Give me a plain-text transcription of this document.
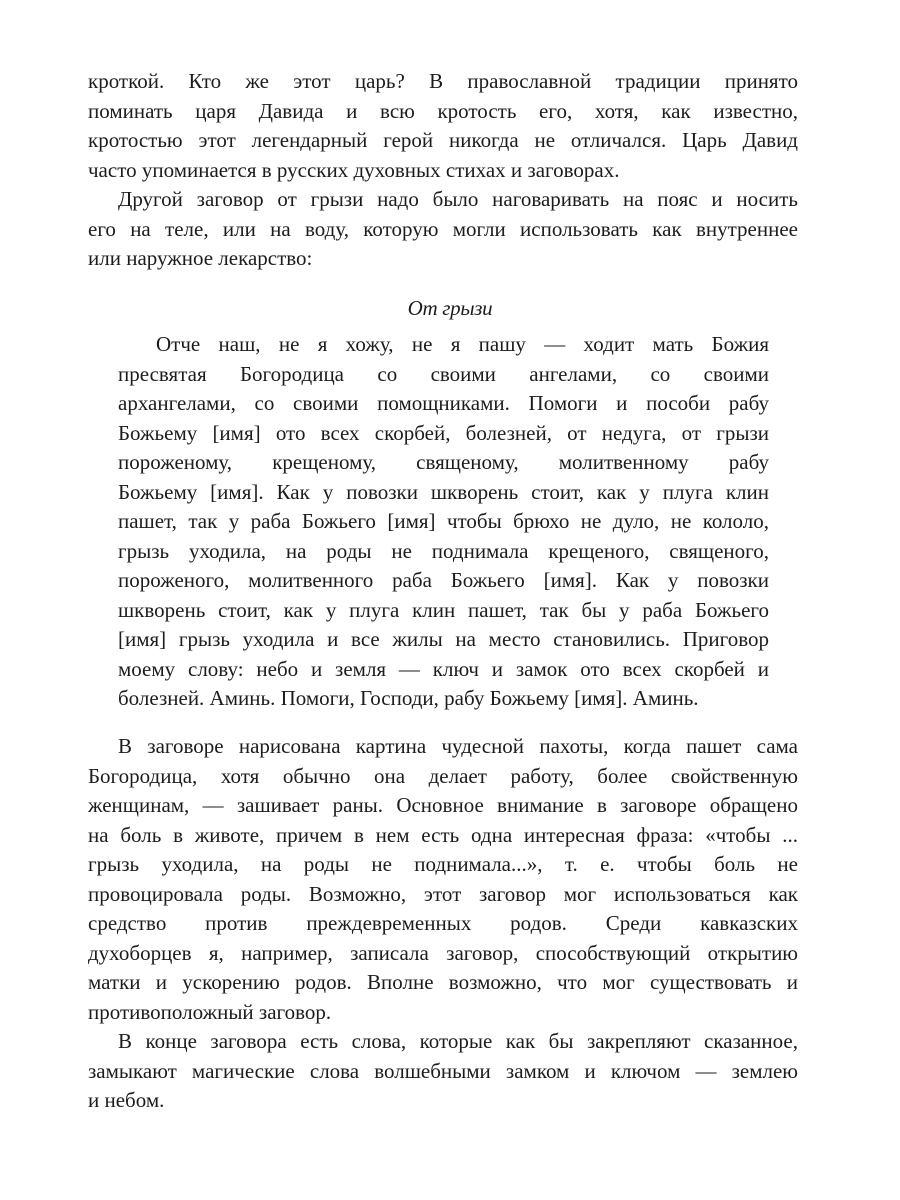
кроткой. Кто же этот царь? В православной традиции принято
поминать царя Давида и всю кротость его, хотя, как известно,
кротостью этот легендарный герой никогда не отличался. Царь Давид
часто упоминается в русских духовных стихах и заговорах.
Другой заговор от грызи надо было наговаривать на пояс и носить
его на теле, или на воду, которую могли использовать как внутреннее
или наружное лекарство:
От грызи
Отче наш, не я хожу, не я пашу — ходит мать Божия
пресвятая Богородица со своими ангелами, со своими
архангелами, со своими помощниками. Помоги и пособи рабу
Божьему [имя] ото всех скорбей, болезней, от недуга, от грызи
пороженому, крещеному, священому, молитвенному рабу
Божьему [имя]. Как у повозки шкворень стоит, как у плуга клин
пашет, так у раба Божьего [имя] чтобы брюхо не дуло, не кололо,
грызь уходила, на роды не поднимала крещеного, священого,
пороженого, молитвенного раба Божьего [имя]. Как у повозки
шкворень стоит, как у плуга клин пашет, так бы у раба Божьего
[имя] грызь уходила и все жилы на место становились. Приговор
моему слову: небо и земля — ключ и замок ото всех скорбей и
болезней. Аминь. Помоги, Господи, рабу Божьему [имя]. Аминь.
В заговоре нарисована картина чудесной пахоты, когда пашет сама
Богородица, хотя обычно она делает работу, более свойственную
женщинам, — зашивает раны. Основное внимание в заговоре обращено
на боль в животе, причем в нем есть одна интересная фраза: «чтобы ...
грызь уходила, на роды не поднимала...», т. е. чтобы боль не
провоцировала роды. Возможно, этот заговор мог использоваться как
средство против преждевременных родов. Среди кавказских
духоборцев я, например, записала заговор, способствующий открытию
матки и ускорению родов. Вполне возможно, что мог существовать и
противоположный заговор.
В конце заговора есть слова, которые как бы закрепляют сказанное,
замыкают магические слова волшебными замком и ключом — землею
и небом.
